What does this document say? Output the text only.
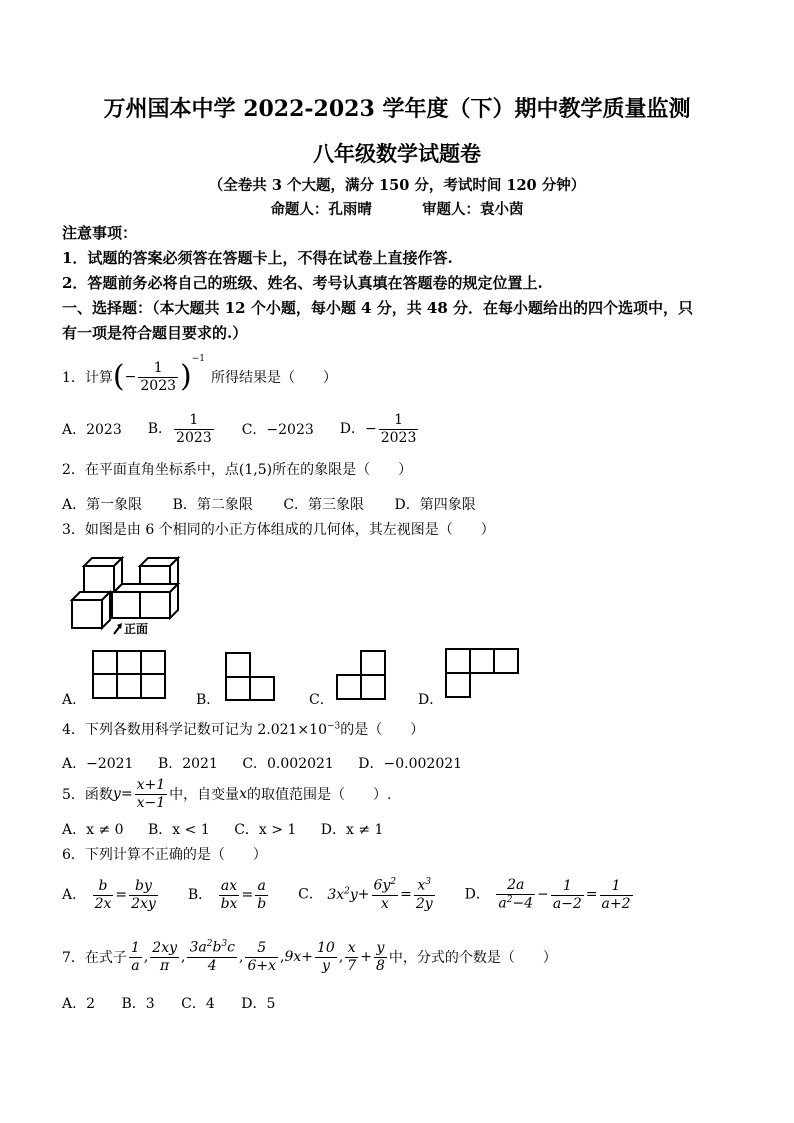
万州国本中学 2022-2023 学年度（下）期中教学质量监测
八年级数学试题卷
（全卷共 3 个大题，满分 150 分，考试时间 120 分钟）
命题人：孔雨晴	审题人：袁小茵
注意事项：
1．试题的答案必须答在答题卡上，不得在试卷上直接作答.
2．答题前务必将自己的班级、姓名、考号认真填在答题卷的规定位置上.
一、选择题：（本大题共 12 个小题，每小题 4 分，共 48 分．在每小题给出的四个选项中，只
有一项是符合题目要求的.）
1．计算 ( − $\frac{1}{2023} )^{-1}$
所得结果是（　　）
A．2023 B． $\frac{1}{2023}$ C．−2023 D．− $\frac{1}{2023}$
2．在平面直角坐标系中，点(1,5)所在的象限是（　　）
A．第一象限 B．第二象限 C．第三象限 D．第四象限
3．如图是由 6 个相同的小正方体组成的几何体，其左视图是（　　）
正面
A．	B．	C．	D．
4．下列各数用科学记数可记为 $2.021\times 10^{-3}$的是（　　）
A．−2021 B．2021 C．0.002021 D．−0.002021
5．函数 $y = \frac{x+1}{x-1}$ 中，自变量 x 的取值范围是（　　）.
A．x ≠ 0 B．x < 1 C．x > 1 D．x ≠ 1
6．下列计算不正确的是（　　）
A． $\frac{b}{2x} = \frac{by}{2xy}$ B． $\frac{ax}{bx} = \frac{a}{b}$ C． $3x^2y+ \frac{6y^2}{x} = \frac{x^3}{2y}$ D． $\frac{2a}{a^2-4} - \frac{1}{a-2} = \frac{1}{a+2}$
7．在式子 $\frac{1}{a}$ , $\frac{2xy}{\pi}$ , $\frac{3a^2b^3c}{4}$ , $\frac{5}{6+x}$ , $9x + \frac{10}{y}$ , $\frac{x}{7} + \frac{y}{8}$ 中，分式的个数是（　　）
A．2 B．3 C．4 D．5
